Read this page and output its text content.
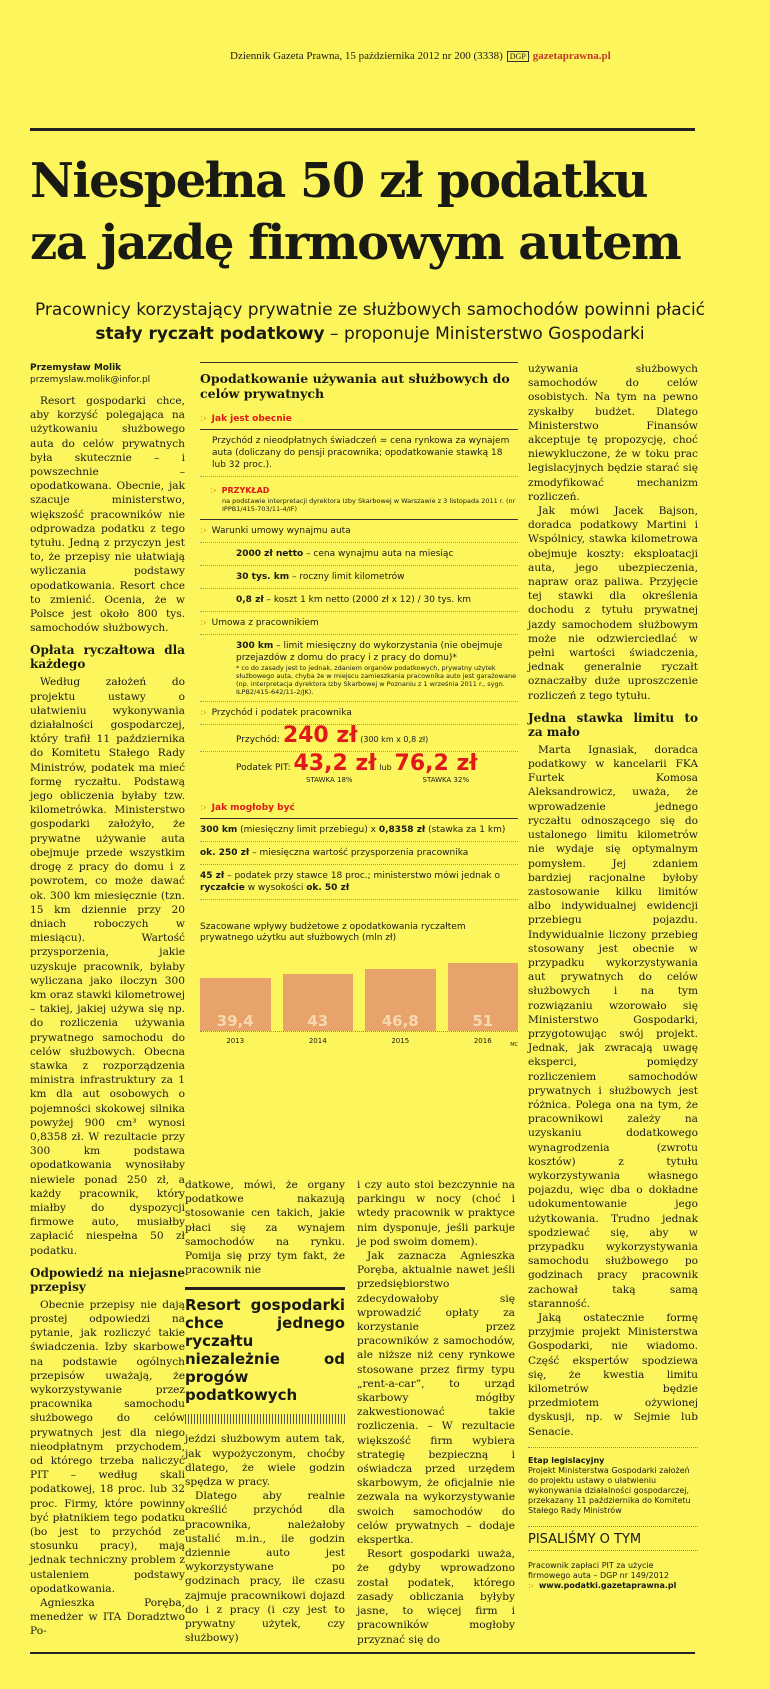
Dziennik Gazeta Prawna, 15 października 2012 nr 200 (3338) DGP gazetaprawna.pl
Niespełna 50 zł podatku za jazdę firmowym autem
Pracownicy korzystający prywatnie ze służbowych samochodów powinni płacić stały ryczałt podatkowy – proponuje Ministerstwo Gospodarki
Przemysław Molik
przemyslaw.molik@infor.pl

Resort gospodarki chce, aby korzyść polegająca na użytkowaniu służbowego auta do celów prywatnych była skutecznie – i powszechnie – opodatkowana. Obecnie, jak szacuje ministerstwo, większość pracowników nie odprowadza podatku z tego tytułu. Jedną z przyczyn jest to, że przepisy nie ułatwiają wyliczania podstawy opodatkowania. Resort chce to zmienić. Ocenia, że w Polsce jest około 800 tys. samochodów służbowych.

Opłata ryczałtowa dla każdego

Według założeń do projektu ustawy o ułatwieniu wykonywania działalności gospodarczej, który trafił 11 października do Komitetu Stałego Rady Ministrów, podatek ma mieć formę ryczałtu. Podstawą jego obliczenia byłaby tzw. kilometrówka. Ministerstwo gospodarki założyło, że prywatne używanie auta obejmuje przede wszystkim drogę z pracy do domu i z powrotem, co może dawać ok. 300 km miesięcznie (tzn. 15 km dziennie przy 20 dniach roboczych w miesiącu). Wartość przysporzenia, jakie uzyskuje pracownik, byłaby wyliczana jako iloczyn 300 km oraz stawki kilometrowej – takiej, jakiej używa się np. do rozliczenia używania prywatnego samochodu do celów służbowych. Obecna stawka z rozporządzenia ministra infrastruktury za 1 km dla aut osobowych o pojemności skokowej silnika powyżej 900 cm³ wynosi 0,8358 zł. W rezultacie przy 300 km podstawa opodatkowania wynosiłaby niewiele ponad 250 zł, a każdy pracownik, który miałby do dyspozycji firmowe auto, musiałby zapłacić niespełna 50 zł podatku.

Odpowiedź na niejasne przepisy

Obecnie przepisy nie dają prostej odpowiedzi na pytanie, jak rozliczyć takie świadczenia. Izby skarbowe na podstawie ogólnych przepisów uważają, że wykorzystywanie przez pracownika samochodu służbowego do celów prywatnych jest dla niego nieodpłatnym przychodem, od którego trzeba naliczyć PIT – według skali podatkowej, 18 proc. lub 32 proc. Firmy, które powinny być płatnikiem tego podatku (bo jest to przychód ze stosunku pracy), mają jednak techniczny problem z ustaleniem podstawy opodatkowania.

Agnieszka Poręba, menedżer w ITA Doradztwo Po-

Opodatkowanie używania aut służbowych do celów prywatnych
:› Jak jest obecnie
Przychód z nieodpłatnych świadczeń = cena rynkowa za wynajem auta (doliczany do pensji pracownika; opodatkowanie stawką 18 lub 32 proc.).
:› PRZYKŁAD
na podstawie interpretacji dyrektora Izby Skarbowej w Warszawie z 3 listopada 2011 r. (nr IPPB1/415-703/11-4/IF)
:› Warunki umowy wynajmu auta
2000 zł netto – cena wynajmu auta na miesiąc
30 tys. km – roczny limit kilometrów
0,8 zł – koszt 1 km netto (2000 zł x 12) / 30 tys. km
:› Umowa z pracownikiem
300 km – limit miesięczny do wykorzystania (nie obejmuje przejazdów z domu do pracy i z pracy do domu)*
* co do zasady jest to jednak, zdaniem organów podatkowych, prywatny użytek służbowego auta, chyba że w miejscu zamieszkania pracownika auto jest garażowane (np. interpretacja dyrektora Izby Skarbowej w Poznaniu z 1 września 2011 r., sygn. ILPB2/415-642/11-2/JK).
:› Przychód i podatek pracownika
Przychód: 240 zł (300 km x 0,8 zł)
Podatek PIT: 43,2 zł lub 76,2 zł
STAWKA 18%	STAWKA 32%
:› Jak mogłoby być
300 km (miesięczny limit przebiegu) x 0,8358 zł (stawka za 1 km)
ok. 250 zł – miesięczna wartość przysporzenia pracownika
45 zł – podatek przy stawce 18 proc.; ministerstwo mówi jednak o ryczałcie w wysokości ok. 50 zł
Szacowane wpływy budżetowe z opodatkowania ryczałtem prywatnego użytku aut służbowych (mln zł)
39,4	43	46,8	51
2013	2014	2015	2016	MC

datkowe, mówi, że organy podatkowe nakazują stosowanie cen takich, jakie płaci się za wynajem samochodów na rynku. Pomija się przy tym fakt, że pracownik nie

Resort gospodarki chce jednego ryczałtu niezależnie od progów podatkowych

jeździ służbowym autem tak, jak wypożyczonym, choćby dlatego, że wiele godzin spędza w pracy.

Dlatego aby realnie określić przychód dla pracownika, należałoby ustalić m.in., ile godzin dziennie auto jest wykorzystywane po godzinach pracy, ile czasu zajmuje pracownikowi dojazd do i z pracy (i czy jest to prywatny użytek, czy służbowy)

i czy auto stoi bezczynnie na parkingu w nocy (choć i wtedy pracownik w praktyce nim dysponuje, jeśli parkuje je pod swoim domem).

Jak zaznacza Agnieszka Poręba, aktualnie nawet jeśli przedsiębiorstwo zdecydowałoby się wprowadzić opłaty za korzystanie przez pracowników z samochodów, ale niższe niż ceny rynkowe stosowane przez firmy typu „rent-a-car”, to urząd skarbowy mógłby zakwestionować takie rozliczenia. – W rezultacie większość firm wybiera strategię bezpieczną i oświadcza przed urzędem skarbowym, że oficjalnie nie zezwala na wykorzystywanie swoich samochodów do celów prywatnych – dodaje ekspertka.

Resort gospodarki uważa, że gdyby wprowadzono został podatek, którego zasady obliczania byłyby jasne, to więcej firm i pracowników mogłoby przyznać się do

używania służbowych samochodów do celów osobistych. Na tym na pewno zyskałby budżet. Dlatego Ministerstwo Finansów akceptuje tę propozycję, choć niewykluczone, że w toku prac legislacyjnych będzie starać się zmodyfikować mechanizm rozliczeń.

Jak mówi Jacek Bajson, doradca podatkowy Martini i Wspólnicy, stawka kilometrowa obejmuje koszty: eksploatacji auta, jego ubezpieczenia, napraw oraz paliwa. Przyjęcie tej stawki dla określenia dochodu z tytułu prywatnej jazdy samochodem służbowym może nie odzwierciedlać w pełni wartości świadczenia, jednak generalnie ryczałt oznaczałby duże uproszczenie rozliczeń z tego tytułu.

Jedna stawka limitu to za mało

Marta Ignasiak, doradca podatkowy w kancelarii FKA Furtek Komosa Aleksandrowicz, uważa, że wprowadzenie jednego ryczałtu odnoszącego się do ustalonego limitu kilometrów nie wydaje się optymalnym pomysłem. Jej zdaniem bardziej racjonalne byłoby zastosowanie kilku limitów albo indywidualnej ewidencji przebiegu pojazdu. Indywidualnie liczony przebieg stosowany jest obecnie w przypadku wykorzystywania aut prywatnych do celów służbowych i na tym rozwiązaniu wzorowało się Ministerstwo Gospodarki, przygotowując swój projekt. Jednak, jak zwracają uwagę eksperci, pomiędzy rozliczeniem samochodów prywatnych i służbowych jest różnica. Polega ona na tym, że pracownikowi zależy na uzyskaniu dodatkowego wynagrodzenia (zwrotu kosztów) z tytułu wykorzystywania własnego pojazdu, więc dba o dokładne udokumentowanie jego użytkowania. Trudno jednak spodziewać się, aby w przypadku wykorzystywania samochodu służbowego po godzinach pracy pracownik zachował taką samą staranność.

Jaką ostatecznie formę przyjmie projekt Ministerstwa Gospodarki, nie wiadomo. Część ekspertów spodziewa się, że kwestia limitu kilometrów będzie przedmiotem ożywionej dyskusji, np. w Sejmie lub Senacie.

Etap legislacyjny
Projekt Ministerstwa Gospodarki założeń do projektu ustawy o ułatwieniu wykonywania działalności gospodarczej, przekazany 11 października do Komitetu Stałego Rady Ministrów
PISALIŚMY O TYM
Pracownik zapłaci PIT za użycie firmowego auta – DGP nr 149/2012
:› www.podatki.gazetaprawna.pl
